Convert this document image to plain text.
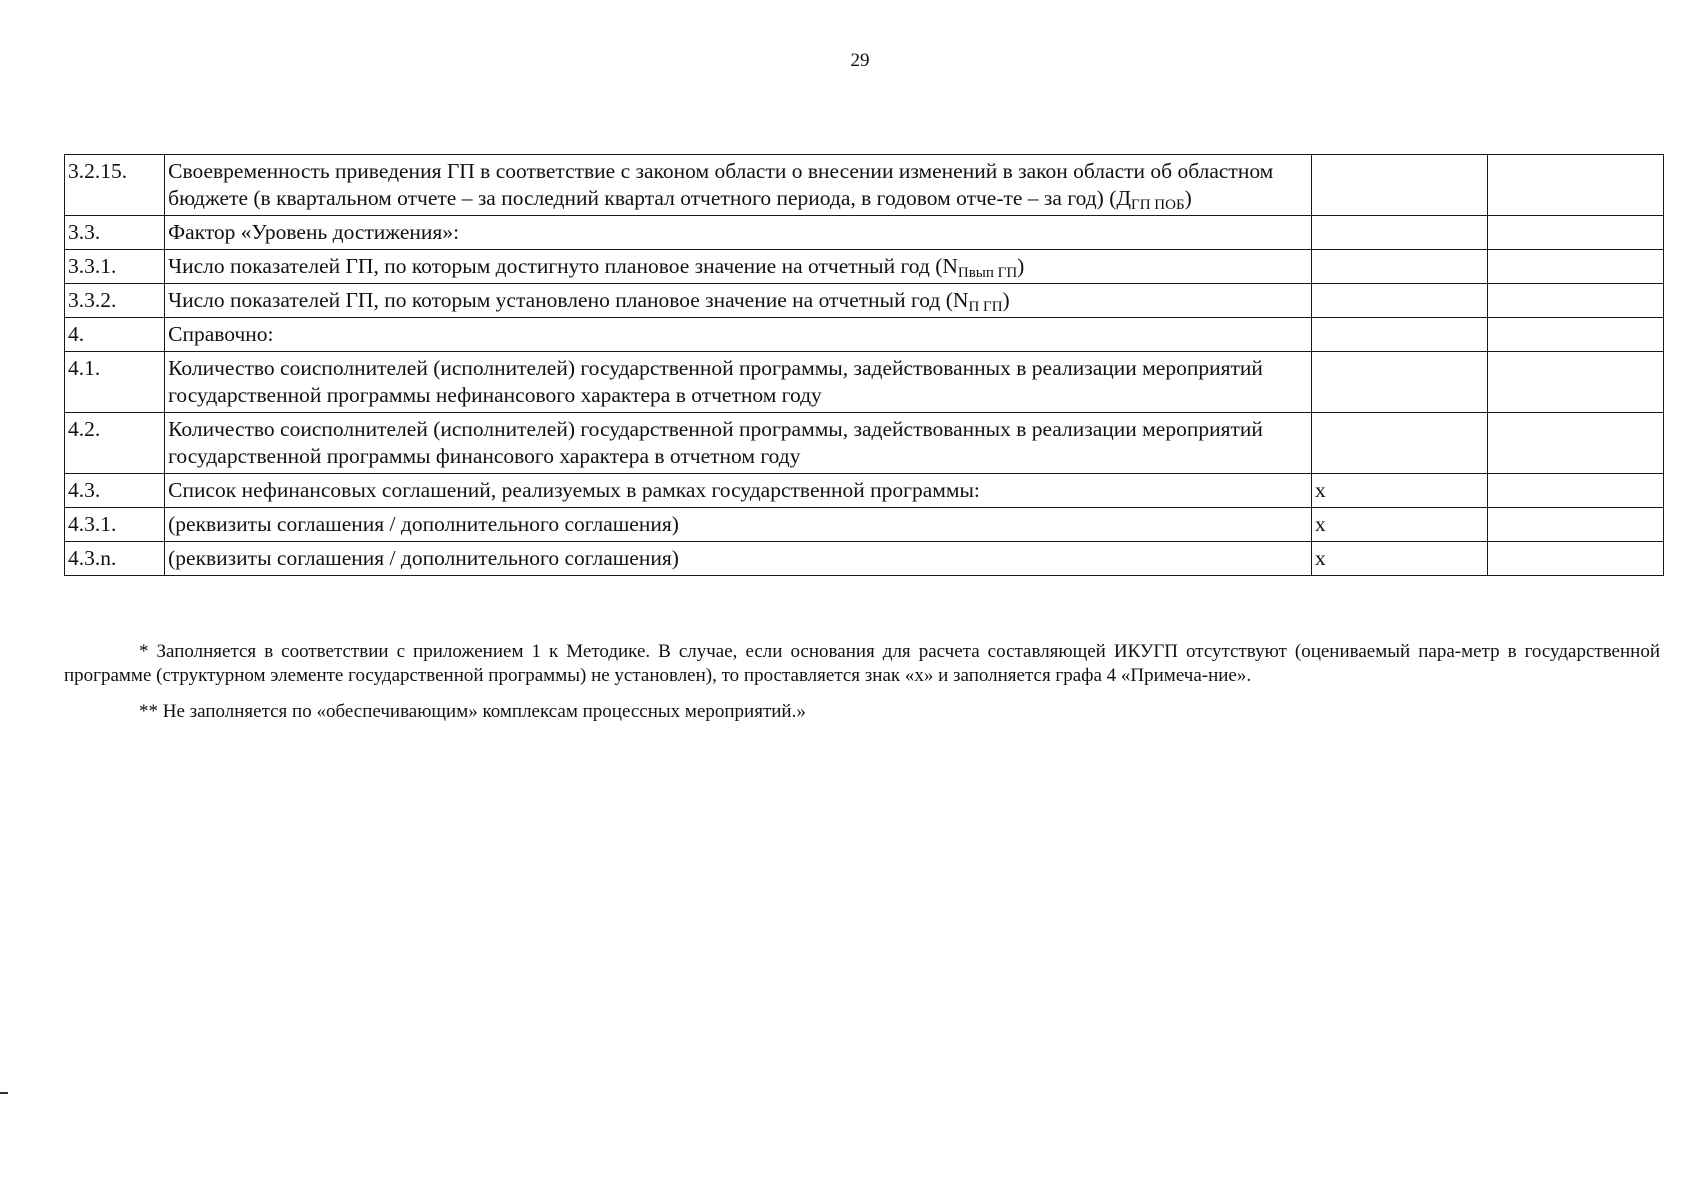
29
3.2.15.	Своевременность приведения ГП в соответствие с законом области о внесении изменений в закон области об областном бюджете (в квартальном отчете – за последний квартал отчетного периода, в годовом отче-те – за год) $(Д_{ГП ПОБ})$		
3.3.	Фактор «Уровень достижения»:		
3.3.1.	Число показателей ГП, по которым достигнуто плановое значение на отчетный год $(N_{Пвып ГП})$		
3.3.2.	Число показателей ГП, по которым установлено плановое значение на отчетный год $(N_{П ГП})$		
4.	Справочно:		
4.1.	Количество соисполнителей (исполнителей) государственной программы, задействованных в реализации мероприятий государственной программы нефинансового характера в отчетном году		
4.2.	Количество соисполнителей (исполнителей) государственной программы, задействованных в реализации мероприятий государственной программы финансового характера в отчетном году		
4.3.	Список нефинансовых соглашений, реализуемых в рамках государственной программы:	х	
4.3.1.	(реквизиты соглашения / дополнительного соглашения)	х	
4.3.n.	(реквизиты соглашения / дополнительного соглашения)	х	

* Заполняется в соответствии с приложением 1 к Методике. В случае, если основания для расчета составляющей ИКУГП отсутствуют (оцениваемый пара-метр в государственной программе (структурном элементе государственной программы) не установлен), то проставляется знак «х» и заполняется графа 4 «Примеча-ние».

** Не заполняется по «обеспечивающим» комплексам процессных мероприятий.»
